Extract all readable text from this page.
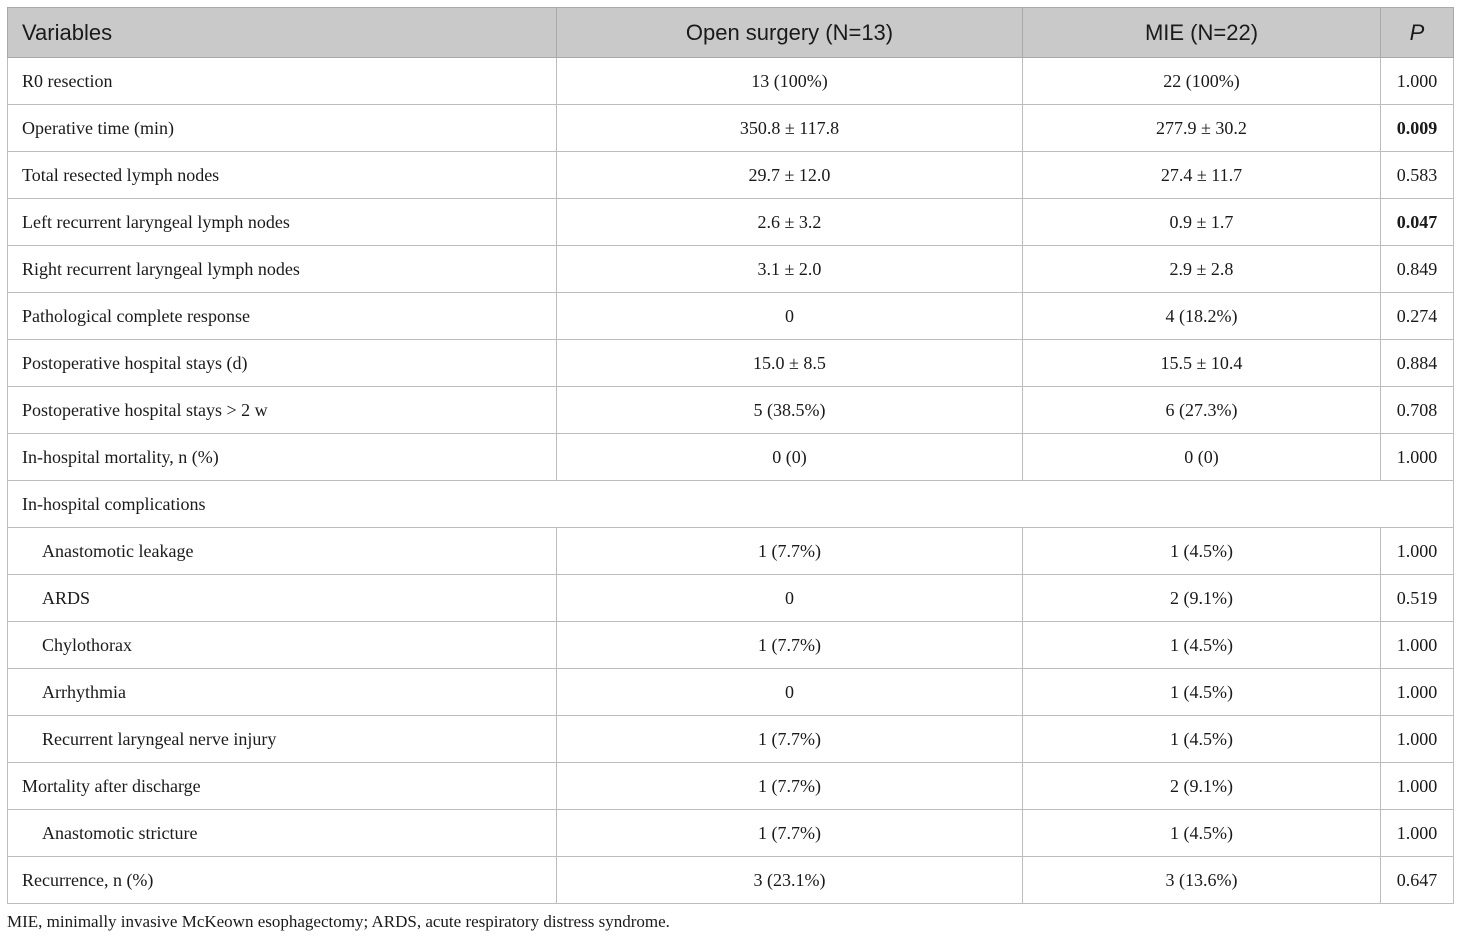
Variables	Open surgery (N=13)	MIE (N=22)	P
R0 resection	13 (100%)	22 (100%)	1.000
Operative time (min)	350.8 ± 117.8	277.9 ± 30.2	0.009
Total resected lymph nodes	29.7 ± 12.0	27.4 ± 11.7	0.583
Left recurrent laryngeal lymph nodes	2.6 ± 3.2	0.9 ± 1.7	0.047
Right recurrent laryngeal lymph nodes	3.1 ± 2.0	2.9 ± 2.8	0.849
Pathological complete response	0	4 (18.2%)	0.274
Postoperative hospital stays (d)	15.0 ± 8.5	15.5 ± 10.4	0.884
Postoperative hospital stays > 2 w	5 (38.5%)	6 (27.3%)	0.708
In-hospital mortality, n (%)	0 (0)	0 (0)	1.000
In-hospital complications			
Anastomotic leakage	1 (7.7%)	1 (4.5%)	1.000
ARDS	0	2 (9.1%)	0.519
Chylothorax	1 (7.7%)	1 (4.5%)	1.000
Arrhythmia	0	1 (4.5%)	1.000
Recurrent laryngeal nerve injury	1 (7.7%)	1 (4.5%)	1.000
Mortality after discharge	1 (7.7%)	2 (9.1%)	1.000
Anastomotic stricture	1 (7.7%)	1 (4.5%)	1.000
Recurrence, n (%)	3 (23.1%)	3 (13.6%)	0.647
MIE, minimally invasive McKeown esophagectomy; ARDS, acute respiratory distress syndrome.
